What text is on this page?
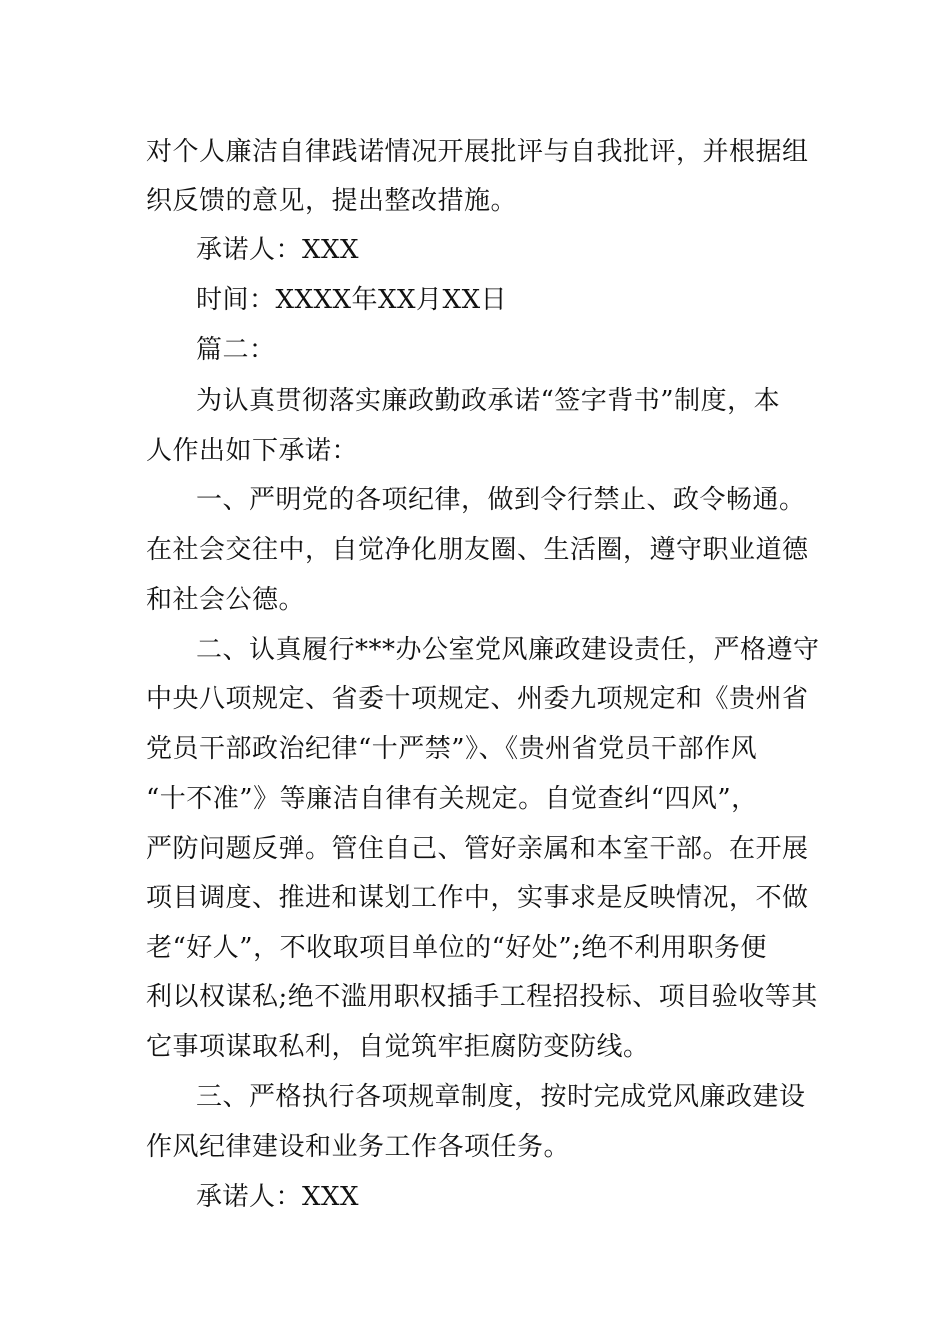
对个人廉洁自律践诺情况开展批评与自我批评，并根据组
织反馈的意见，提出整改措施。
承诺人：XXX
时间：XXXX年XX月XX日
篇二：
为认真贯彻落实廉政勤政承诺“签字背书”制度，本
人作出如下承诺：
一、严明党的各项纪律，做到令行禁止、政令畅通。
在社会交往中，自觉净化朋友圈、生活圈，遵守职业道德
和社会公德。
二、认真履行***办公室党风廉政建设责任，严格遵守
中央八项规定、省委十项规定、州委九项规定和《贵州省
党员干部政治纪律“十严禁”》、《贵州省党员干部作风
“十不准”》等廉洁自律有关规定。自觉查纠“四风”，
严防问题反弹。管住自己、管好亲属和本室干部。在开展
项目调度、推进和谋划工作中，实事求是反映情况，不做
老“好人”，不收取项目单位的“好处”;绝不利用职务便
利以权谋私;绝不滥用职权插手工程招投标、项目验收等其
它事项谋取私利，自觉筑牢拒腐防变防线。
三、严格执行各项规章制度，按时完成党风廉政建设
作风纪律建设和业务工作各项任务。
承诺人：XXX
